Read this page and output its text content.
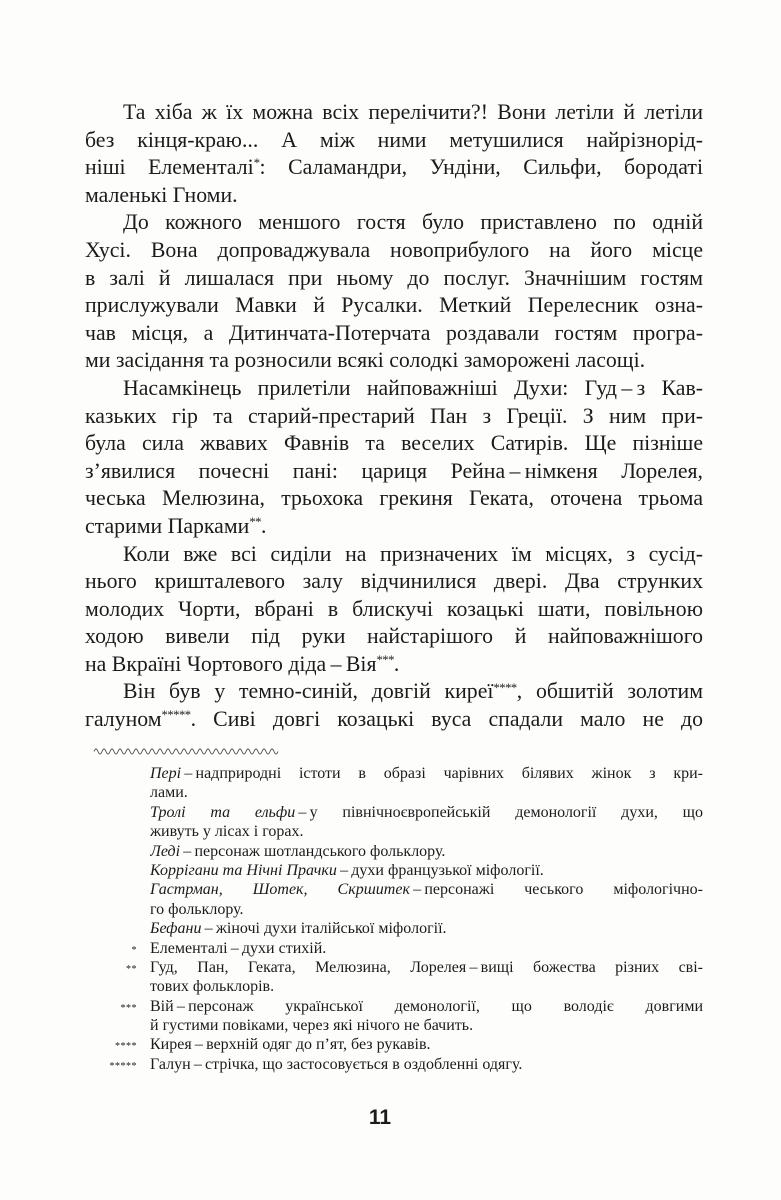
Та хіба ж їх можна всіх перелічити?! Вони летіли й летіли
без кінця-краю... А між ними метушилися найрізнорід-
ніші Елементалі*: Саламандри, Ундіни, Сильфи, бородаті
маленькі Гноми.
До кожного меншого гостя було приставлено по одній
Хусі. Вона допроваджувала новоприбулого на його місце
в залі й лишалася при ньому до послуг. Значнішим гостям
прислужували Мавки й Русалки. Меткий Перелесник озна-
чав місця, а Дитинчата-Потерчата роздавали гостям програ-
ми засідання та розносили всякі солодкі заморожені ласощі.
Насамкінець прилетіли найповажніші Духи: Гуд – з Кав-
казьких гір та старий-престарий Пан з Греції. З ним при-
була сила жвавих Фавнів та веселих Сатирів. Ще пізніше
з’явилися почесні пані: цариця Рейна – німкеня Лорелея,
чеська Мелюзина, трьохока грекиня Геката, оточена трьома
старими Парками**.
Коли вже всі сиділи на призначених їм місцях, з сусід-
нього кришталевого залу відчинилися двері. Два струнких
молодих Чорти, вбрані в блискучі козацькі шати, повільною
ходою вивели під руки найстарішого й найповажнішого
на Вкраїні Чортового діда – Вія***.
Він був у темно-синій, довгій киреї****, обшитій золотим
галуном*****. Сиві довгі козацькі вуса спадали мало не до
Пері – надприродні істоти в образі чарівних білявих жінок з кри-
лами.
Тролі та ельфи – у північноєвропейській демонології духи, що
живуть у лісах і горах.
Леді – персонаж шотландського фольклору.
Коррігани та Нічні Прачки – духи французької міфології.
Гастрман, Шотек, Скршитек – персонажі чеського міфологічно-
го фольклору.
Бефани – жіночі духи італійської міфології.
* Елементалі – духи стихій.
** Гуд, Пан, Геката, Мелюзина, Лорелея – вищі божества різних сві-
тових фольклорів.
*** Вій – персонаж української демонології, що володіє довгими
й густими повіками, через які нічого не бачить.
**** Кирея – верхній одяг до п’ят, без рукавів.
***** Галун – стрічка, що застосовується в оздобленні одягу.
11
